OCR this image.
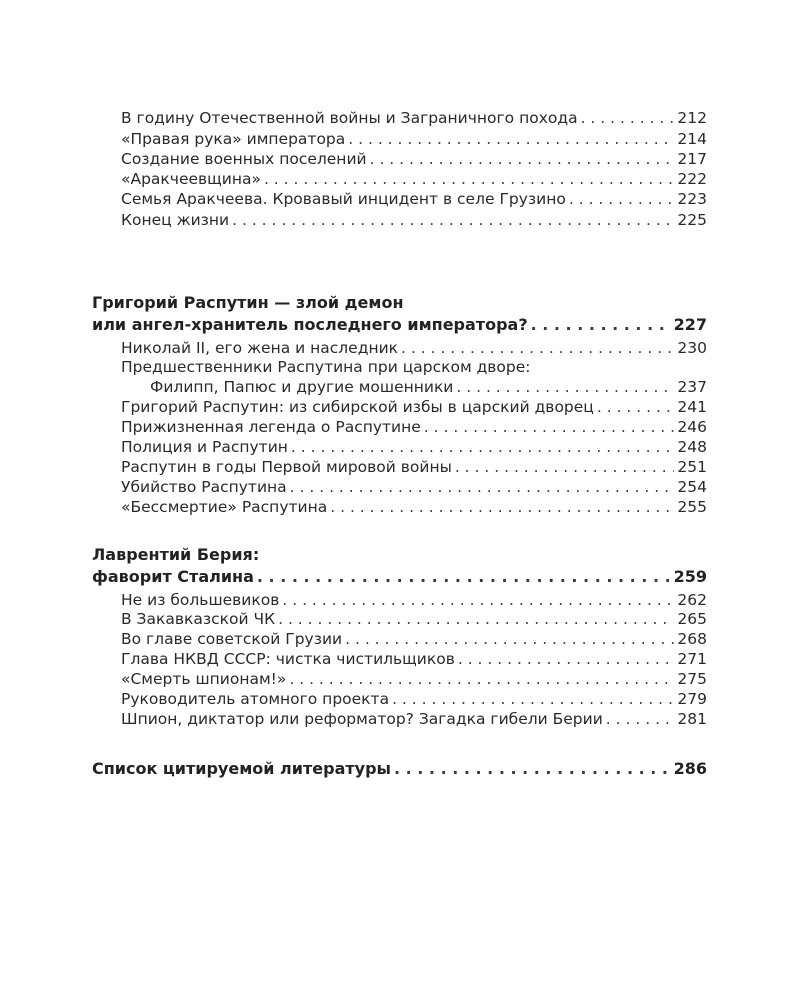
В годину Отечественной войны и Заграничного похода . . .	212
«Правая рука» императора . . .	214
Создание военных поселений . . .	217
«Аракчеевщина» . . .	222
Семья Аракчеева. Кровавый инцидент в селе Грузино . . .	223
Конец жизни . . .	225
Григорий Распутин — злой демон
или ангел-хранитель последнего императора? . . .	227
Николай II, его жена и наследник . . .	230
Предшественники Распутина при царском дворе:
Филипп, Папюс и другие мошенники . . .	237
Григорий Распутин: из сибирской избы в царский дворец . . .	241
Прижизненная легенда о Распутине . . .	246
Полиция и Распутин . . .	248
Распутин в годы Первой мировой войны . . .	251
Убийство Распутина . . .	254
«Бессмертие» Распутина . . .	255
Лаврентий Берия:
фаворит Сталина . . .	259
Не из большевиков . . .	262
В Закавказской ЧК . . .	265
Во главе советской Грузии . . .	268
Глава НКВД СССР: чистка чистильщиков . . .	271
«Смерть шпионам!» . . .	275
Руководитель атомного проекта . . .	279
Шпион, диктатор или реформатор? Загадка гибели Берии . . .	281
Список цитируемой литературы . . .	286
